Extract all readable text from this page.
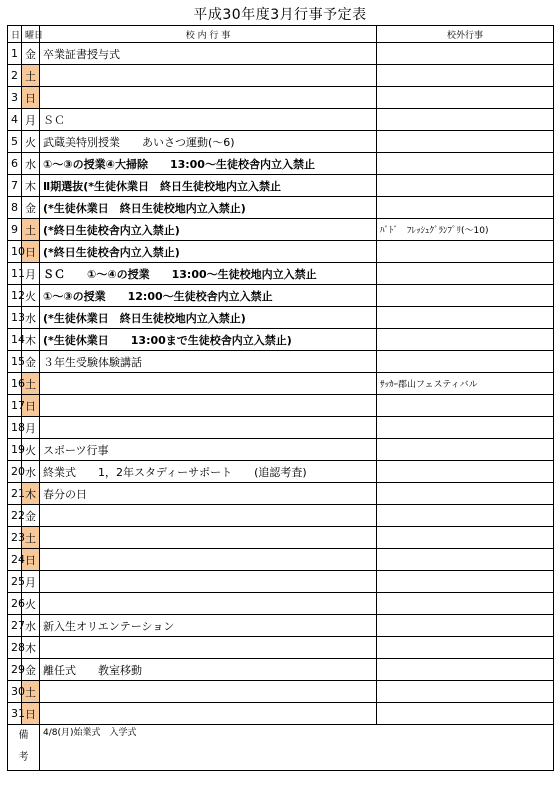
平成30年度3月行事予定表
日	曜日	校 内 行 事	校外行事
1	金	卒業証書授与式	
2	土		
3	日		
4	月	ＳＣ	
5	火	武蔵美特別授業　　あいさつ運動(～6)	
6	水	①～③の授業④大掃除　　13:00～生徒校舎内立入禁止	
7	木	Ⅱ期選抜(*生徒休業日　終日生徒校地内立入禁止	
8	金	(*生徒休業日　終日生徒校地内立入禁止)	
9	土	(*終日生徒校舎内立入禁止)	ﾊﾞﾄﾞ　ﾌﾚｯｼｭｸﾞﾗﾝﾌﾟﾘ(～10)
10	日	(*終日生徒校舎内立入禁止)	
11	月	ＳＣ　　①～④の授業　　13:00～生徒校地内立入禁止	
12	火	①～③の授業　　12:00～生徒校舎内立入禁止	
13	水	(*生徒休業日　終日生徒校地内立入禁止)	
14	木	(*生徒休業日　　13:00まで生徒校舎内立入禁止)	
15	金	３年生受験体験講話	
16	土		ｻｯｶｰ郡山フェスティバル
17	日		
18	月		
19	火	スポーツ行事	
20	水	終業式　　1，2年スタディーサポート　　(追認考査)	
21	木	春分の日	
22	金		
23	土		
24	日		
25	月		
26	火		
27	水	新入生オリエンテーション	
28	木		
29	金	離任式　　教室移動	
30	土		
31	日		
備
考		4/8(月)始業式　入学式	
